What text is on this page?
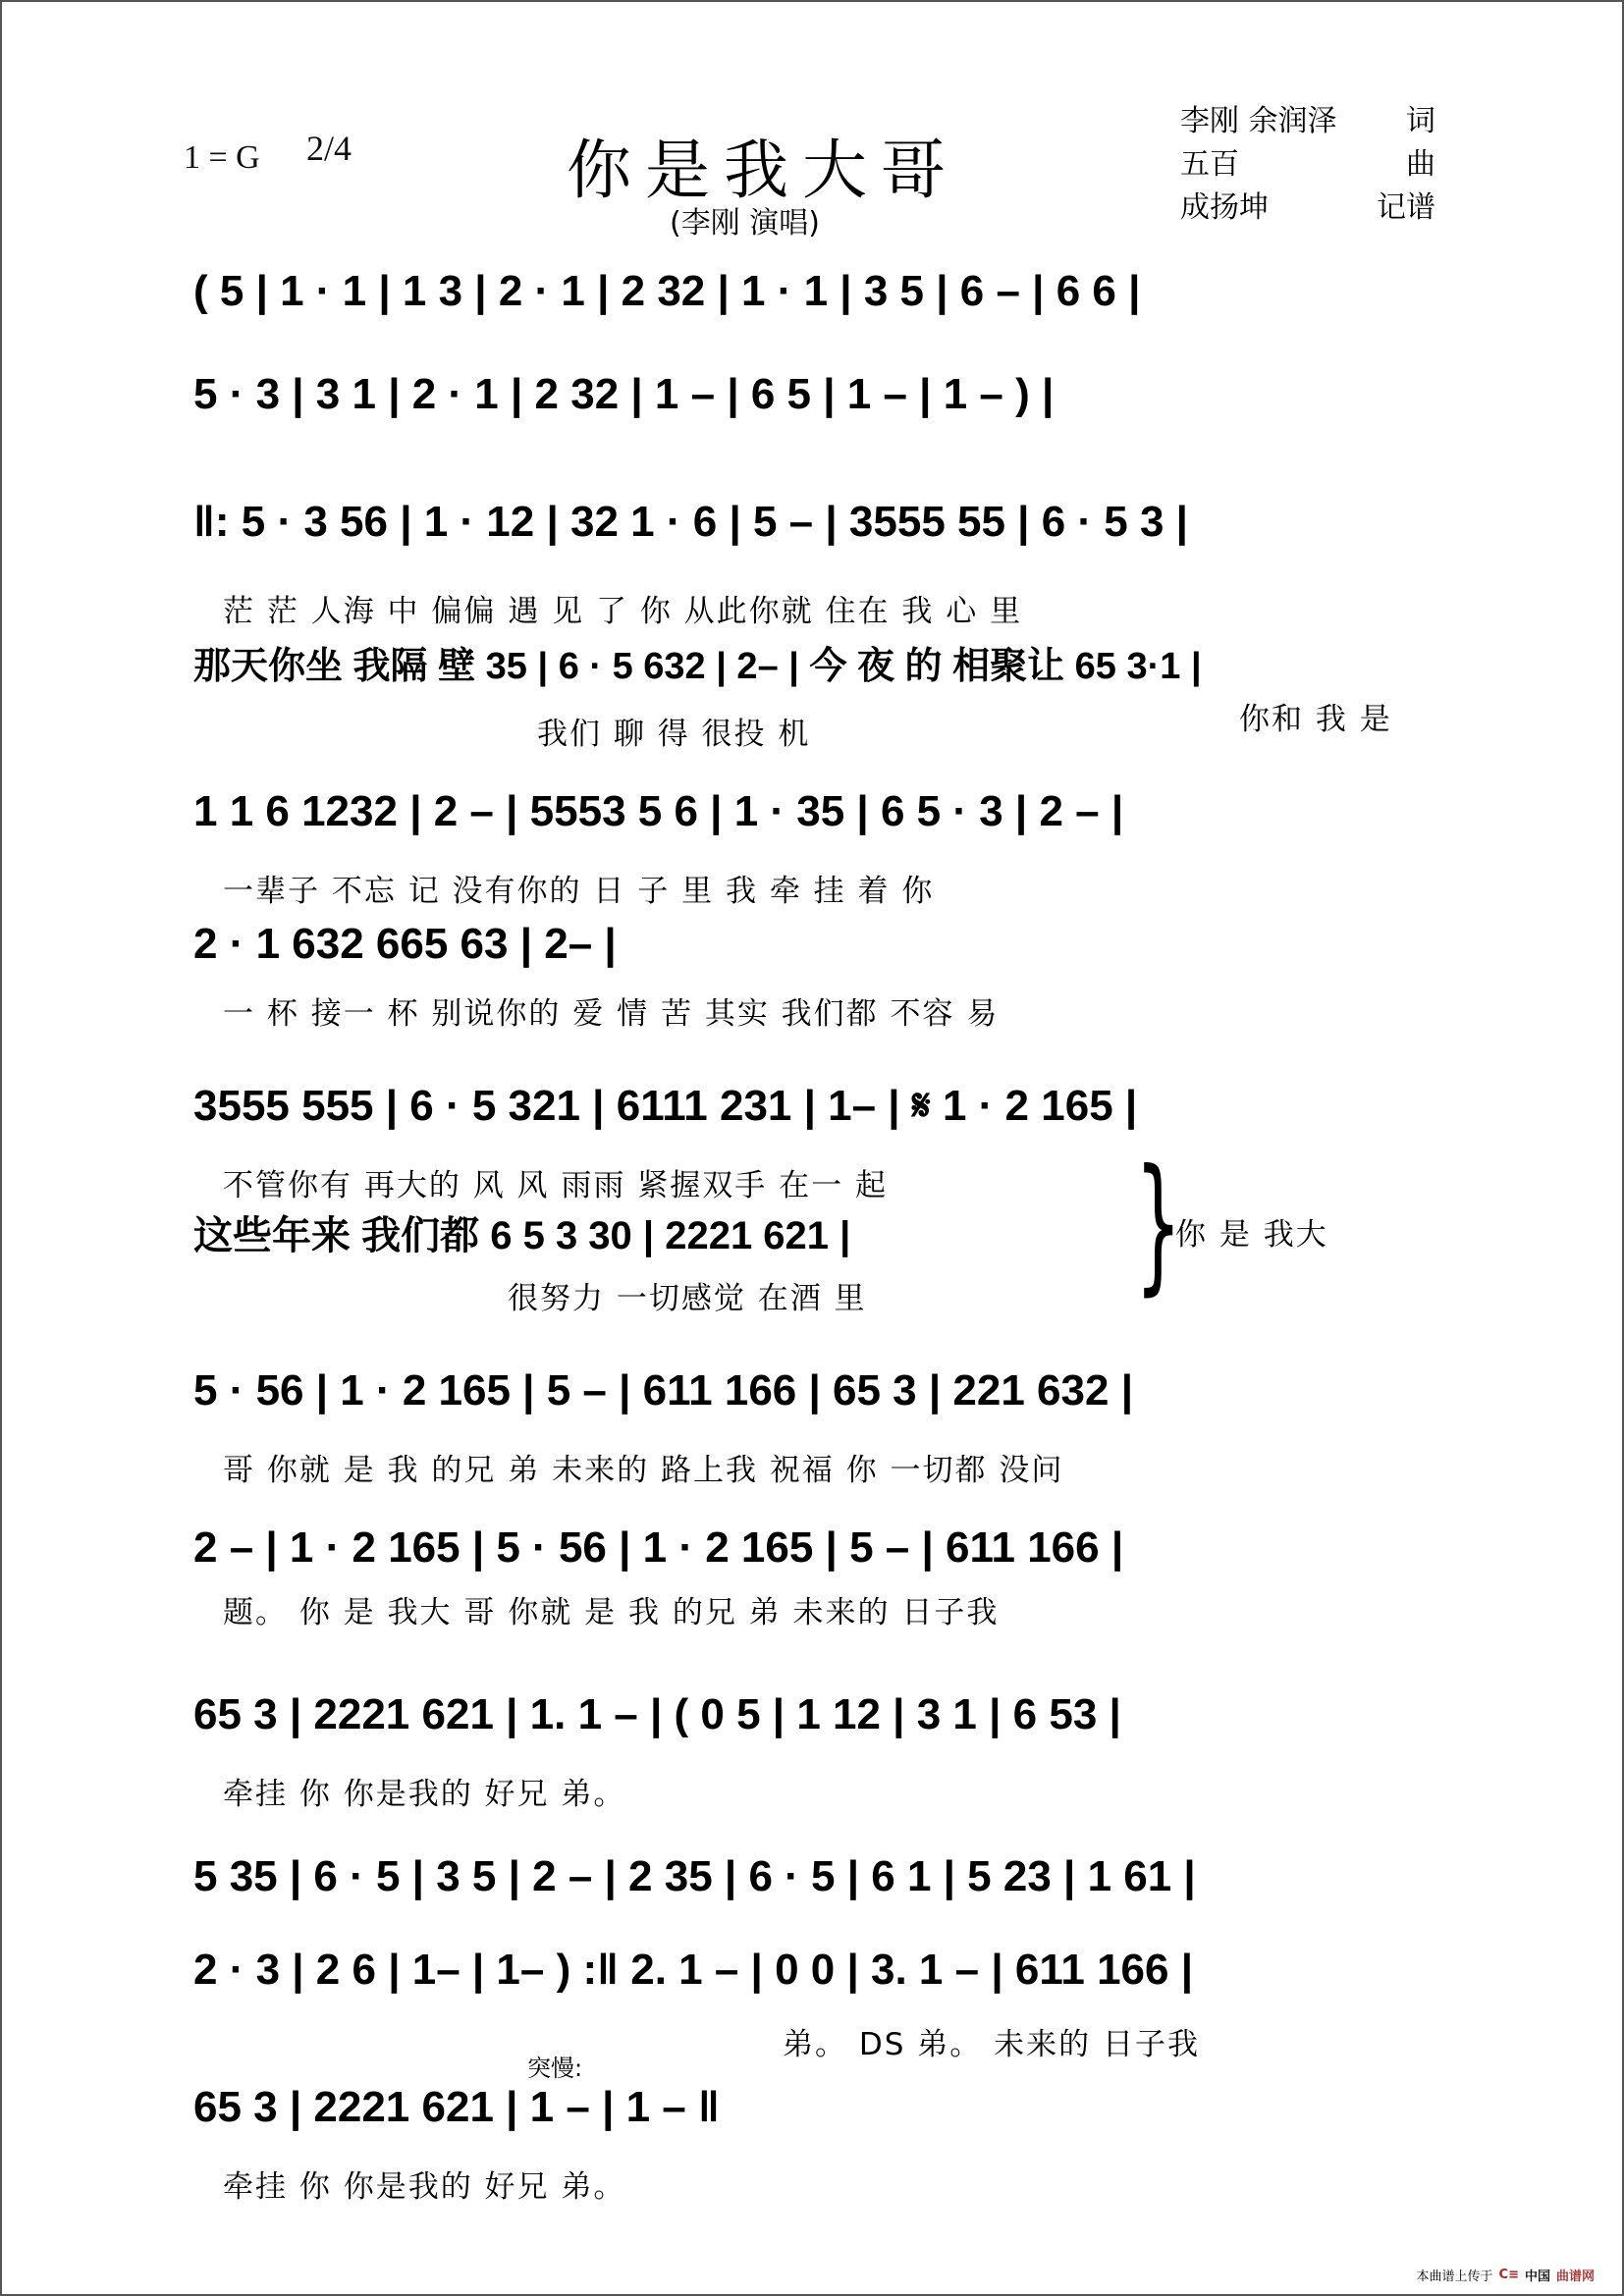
1 = G 2/4	你是我大哥
(李刚 演唱)
李刚 余润泽 词
五百	曲
成扬坤	记谱
( 5 | 1 · 1 | 1 3 | 2 · 1 | 2 32 | 1 · 1 | 3 5 | 6 – | 6 6 |
5 · 3 | 3 1 | 2 · 1 | 2 32 | 1 – | 6 5 | 1 – | 1 – ) |
‖: 5 · 3 56 | 1 · 12 | 32 1 · 6 | 5 – | 3555 55 | 6 · 5 3 |
茫 茫 人海 中 偏偏 遇 见 了 你 从此你就 住在 我 心 里
那天你坐 我隔 壁 35 | 6 · 5 632 | 2– | 今 夜 的 相聚让 65 3·1 |
我们 聊 得 很投 机	你和 我 是
1 1 6 1232 | 2 – | 5553 5 6 | 1 · 35 | 6 5 · 3 | 2 – |
一辈子 不忘 记 没有你的 日 子 里 我 牵 挂 着 你
2 · 1 632 665 63 | 2– |
一 杯 接一 杯 别说你的 爱 情 苦 其实 我们都 不容 易
3555 555 | 6 · 5 321 | 6111 231 | 1– | 𝄋 1 · 2 165 |
不管你有 再大的 风 风 雨雨 紧握双手 在一 起
这些年来 我们都 6 5 3 30 | 2221 621 |
很努力 一切感觉 在酒 里 }
你 是 我大
5 · 56 | 1 · 2 165 | 5 – | 611 166 | 65 3 | 221 632 |
哥 你就 是 我 的兄 弟 未来的 路上我 祝福 你 一切都 没问
2 – | 1 · 2 165 | 5 · 56 | 1 · 2 165 | 5 – | 611 166 |
题。 你 是 我大 哥 你就 是 我 的兄 弟 未来的 日子我
65 3 | 2221 621 | 1. 1 – | ( 0 5 | 1 12 | 3 1 | 6 53 |
牵挂 你 你是我的 好兄 弟。
5 35 | 6 · 5 | 3 5 | 2 – | 2 35 | 6 · 5 | 6 1 | 5 23 | 1 61 |
2 · 3 | 2 6 | 1– | 1– ) :‖ 2. 1 – | 0 0 | 3. 1 – | 611 166 |
弟。 DS 弟。 未来的 日子我
突慢:
65 3 | 2221 621 | 1 – | 1 – ‖
牵挂 你 你是我的 好兄 弟。
本曲谱上传于 C≡ 中国 曲谱网
